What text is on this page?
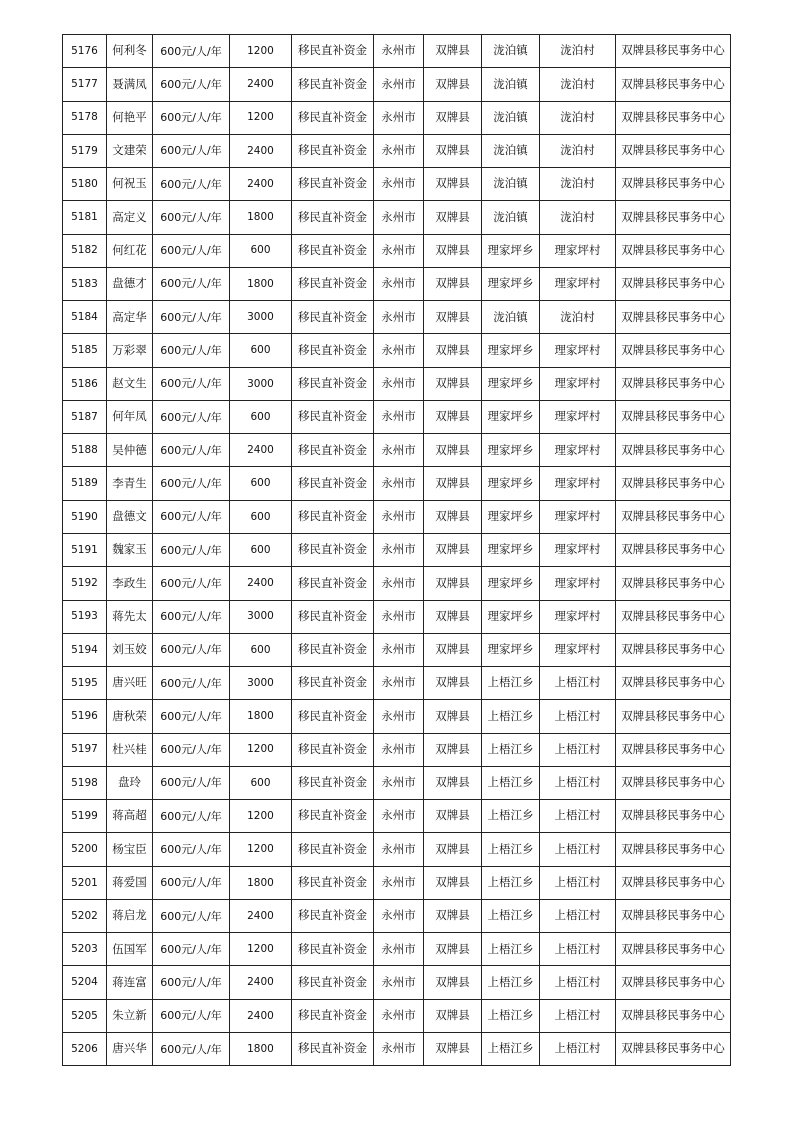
5176	何利冬	600元/人/年	1200	移民直补资金	永州市	双牌县	泷泊镇	泷泊村	双牌县移民事务中心
5177	聂满凤	600元/人/年	2400	移民直补资金	永州市	双牌县	泷泊镇	泷泊村	双牌县移民事务中心
5178	何艳平	600元/人/年	1200	移民直补资金	永州市	双牌县	泷泊镇	泷泊村	双牌县移民事务中心
5179	文建荣	600元/人/年	2400	移民直补资金	永州市	双牌县	泷泊镇	泷泊村	双牌县移民事务中心
5180	何祝玉	600元/人/年	2400	移民直补资金	永州市	双牌县	泷泊镇	泷泊村	双牌县移民事务中心
5181	高定义	600元/人/年	1800	移民直补资金	永州市	双牌县	泷泊镇	泷泊村	双牌县移民事务中心
5182	何红花	600元/人/年	600	移民直补资金	永州市	双牌县	理家坪乡	理家坪村	双牌县移民事务中心
5183	盘德才	600元/人/年	1800	移民直补资金	永州市	双牌县	理家坪乡	理家坪村	双牌县移民事务中心
5184	高定华	600元/人/年	3000	移民直补资金	永州市	双牌县	泷泊镇	泷泊村	双牌县移民事务中心
5185	万彩翠	600元/人/年	600	移民直补资金	永州市	双牌县	理家坪乡	理家坪村	双牌县移民事务中心
5186	赵文生	600元/人/年	3000	移民直补资金	永州市	双牌县	理家坪乡	理家坪村	双牌县移民事务中心
5187	何年凤	600元/人/年	600	移民直补资金	永州市	双牌县	理家坪乡	理家坪村	双牌县移民事务中心
5188	吴仲德	600元/人/年	2400	移民直补资金	永州市	双牌县	理家坪乡	理家坪村	双牌县移民事务中心
5189	李青生	600元/人/年	600	移民直补资金	永州市	双牌县	理家坪乡	理家坪村	双牌县移民事务中心
5190	盘德文	600元/人/年	600	移民直补资金	永州市	双牌县	理家坪乡	理家坪村	双牌县移民事务中心
5191	魏家玉	600元/人/年	600	移民直补资金	永州市	双牌县	理家坪乡	理家坪村	双牌县移民事务中心
5192	李政生	600元/人/年	2400	移民直补资金	永州市	双牌县	理家坪乡	理家坪村	双牌县移民事务中心
5193	蒋先太	600元/人/年	3000	移民直补资金	永州市	双牌县	理家坪乡	理家坪村	双牌县移民事务中心
5194	刘玉姣	600元/人/年	600	移民直补资金	永州市	双牌县	理家坪乡	理家坪村	双牌县移民事务中心
5195	唐兴旺	600元/人/年	3000	移民直补资金	永州市	双牌县	上梧江乡	上梧江村	双牌县移民事务中心
5196	唐秋荣	600元/人/年	1800	移民直补资金	永州市	双牌县	上梧江乡	上梧江村	双牌县移民事务中心
5197	杜兴桂	600元/人/年	1200	移民直补资金	永州市	双牌县	上梧江乡	上梧江村	双牌县移民事务中心
5198	盘玲	600元/人/年	600	移民直补资金	永州市	双牌县	上梧江乡	上梧江村	双牌县移民事务中心
5199	蒋高超	600元/人/年	1200	移民直补资金	永州市	双牌县	上梧江乡	上梧江村	双牌县移民事务中心
5200	杨宝臣	600元/人/年	1200	移民直补资金	永州市	双牌县	上梧江乡	上梧江村	双牌县移民事务中心
5201	蒋爱国	600元/人/年	1800	移民直补资金	永州市	双牌县	上梧江乡	上梧江村	双牌县移民事务中心
5202	蒋启龙	600元/人/年	2400	移民直补资金	永州市	双牌县	上梧江乡	上梧江村	双牌县移民事务中心
5203	伍国军	600元/人/年	1200	移民直补资金	永州市	双牌县	上梧江乡	上梧江村	双牌县移民事务中心
5204	蒋连富	600元/人/年	2400	移民直补资金	永州市	双牌县	上梧江乡	上梧江村	双牌县移民事务中心
5205	朱立新	600元/人/年	2400	移民直补资金	永州市	双牌县	上梧江乡	上梧江村	双牌县移民事务中心
5206	唐兴华	600元/人/年	1800	移民直补资金	永州市	双牌县	上梧江乡	上梧江村	双牌县移民事务中心
